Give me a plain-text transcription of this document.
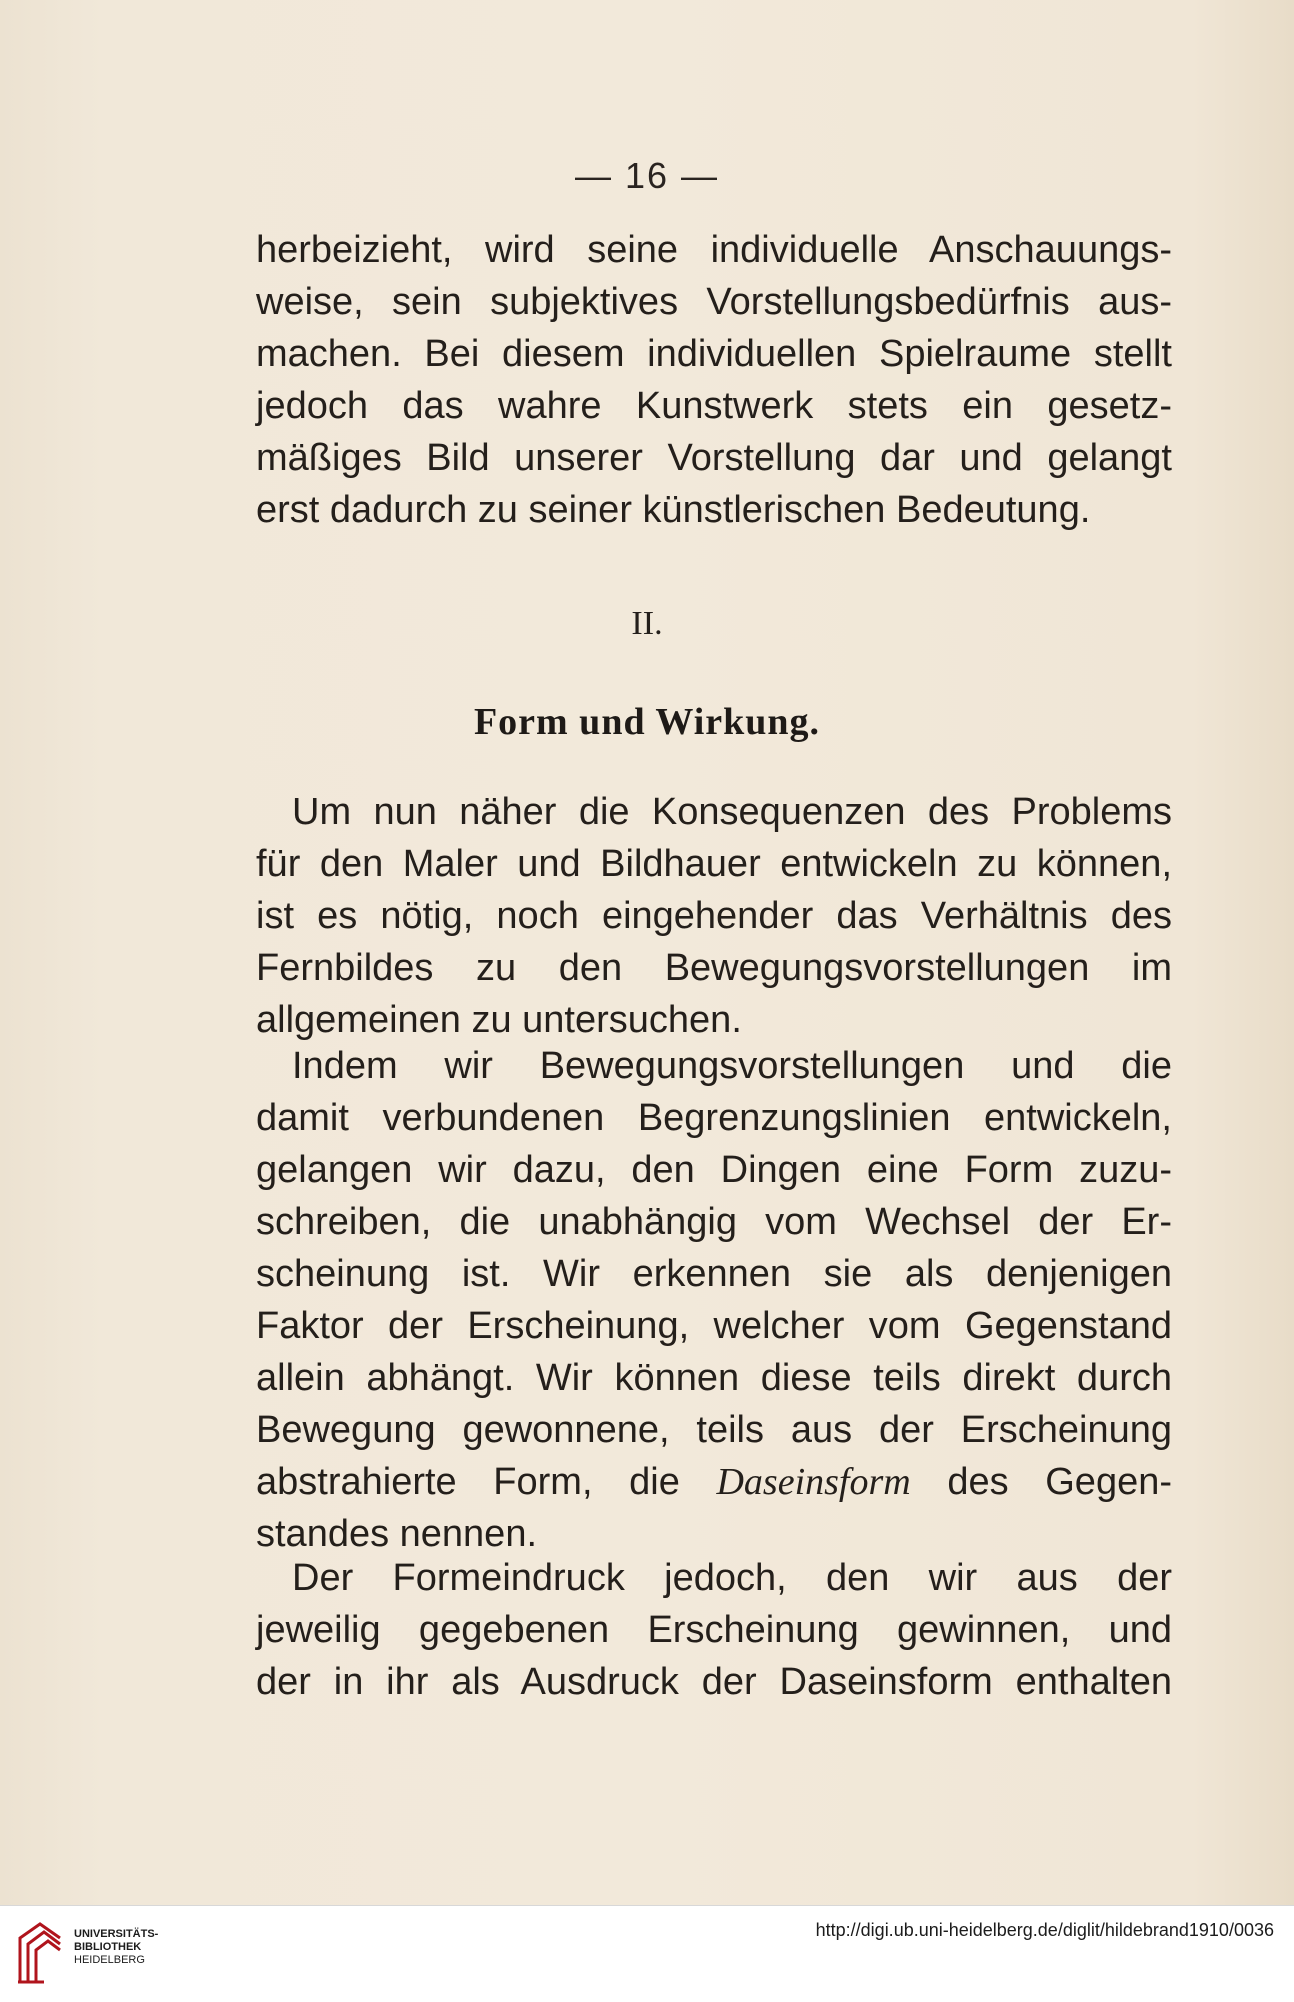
— 16 —
herbeizieht, wird seine individuelle Anschauungs-
weise, sein subjektives Vorstellungsbedürfnis aus-
machen. Bei diesem individuellen Spielraume stellt
jedoch das wahre Kunstwerk stets ein gesetz-
mäßiges Bild unserer Vorstellung dar und gelangt
erst dadurch zu seiner künstlerischen Bedeutung.
II.
Form und Wirkung.
Um nun näher die Konsequenzen des Problems
für den Maler und Bildhauer entwickeln zu können,
ist es nötig, noch eingehender das Verhältnis des
Fernbildes zu den Bewegungsvorstellungen im
allgemeinen zu untersuchen.
Indem wir Bewegungsvorstellungen und die
damit verbundenen Begrenzungslinien entwickeln,
gelangen wir dazu, den Dingen eine Form zuzu-
schreiben, die unabhängig vom Wechsel der Er-
scheinung ist. Wir erkennen sie als denjenigen
Faktor der Erscheinung, welcher vom Gegenstand
allein abhängt. Wir können diese teils direkt durch
Bewegung gewonnene, teils aus der Erscheinung
abstrahierte Form, die Daseinsform des Gegen-
standes nennen.
Der Formeindruck jedoch, den wir aus der
jeweilig gegebenen Erscheinung gewinnen, und
der in ihr als Ausdruck der Daseinsform enthalten
UNIVERSITÄTS-
BIBLIOTHEK
HEIDELBERG
http://digi.ub.uni-heidelberg.de/diglit/hildebrand1910/0036
